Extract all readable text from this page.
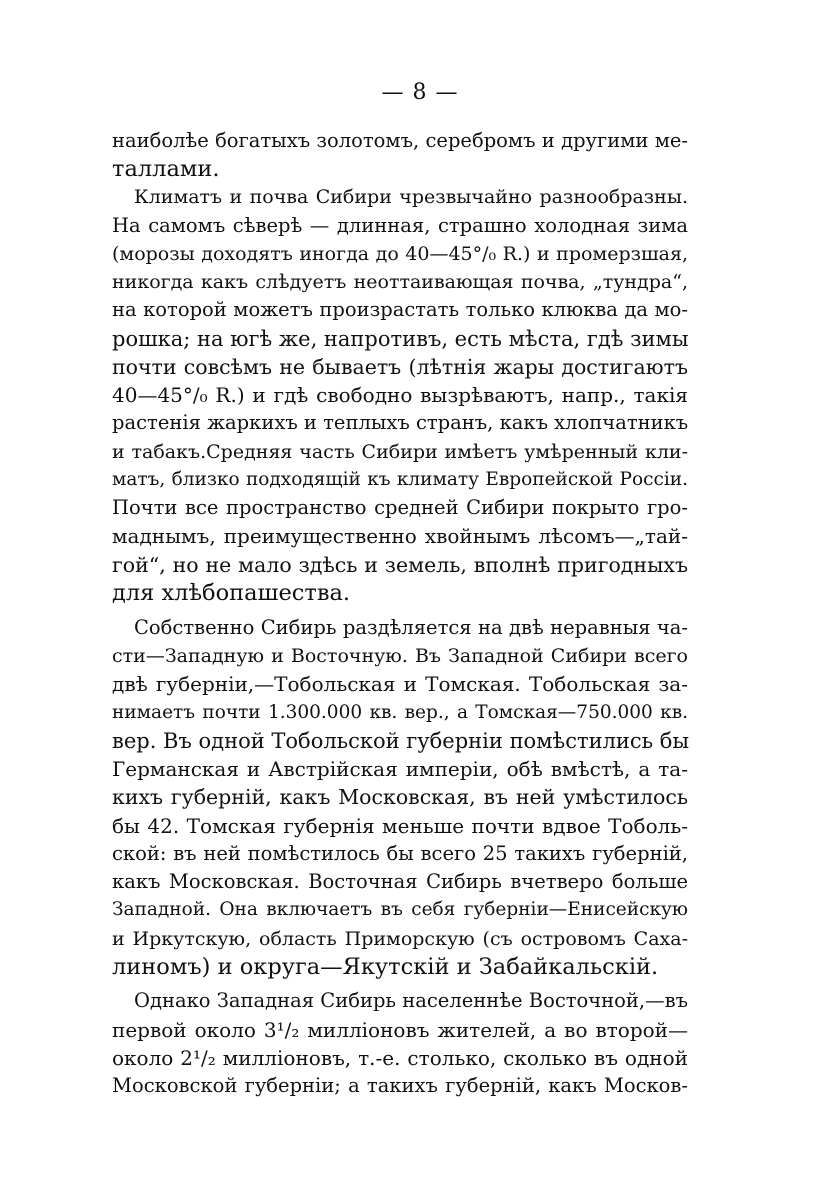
— 8 —
наиболѣе богатыхъ золотомъ, серебромъ и другими ме-
таллами.
Климатъ и почва Сибири чрезвычайно разнообразны.
На самомъ сѣверѣ — длинная, страшно холодная зима
(морозы доходятъ иногда до 40—45°/₀ R.) и промерзшая,
никогда какъ слѣдуетъ неоттаивающая почва, „тундра“,
на которой можетъ произрастать только клюква да мо-
рошка; на югѣ же, напротивъ, есть мѣста, гдѣ зимы
почти совсѣмъ не бываетъ (лѣтнія жары достигаютъ
40—45°/₀ R.) и гдѣ свободно вызрѣваютъ, напр., такія
растенія жаркихъ и теплыхъ странъ, какъ хлопчатникъ
и табакъ.Средняя часть Сибири имѣетъ умѣренный кли-
матъ, близко подходящій къ климату Европейской Россіи.
Почти все пространство средней Сибири покрыто гро-
маднымъ, преимущественно хвойнымъ лѣсомъ—„тай-
гой“, но не мало здѣсь и земель, вполнѣ пригодныхъ
для хлѣбопашества.
Собственно Сибирь раздѣляется на двѣ неравныя ча-
сти—Западную и Восточную. Въ Западной Сибири всего
двѣ губерніи,—Тобольская и Томская. Тобольская за-
нимаетъ почти 1.300.000 кв. вер., а Томская—750.000 кв.
вер. Въ одной Тобольской губерніи помѣстились бы
Германская и Австрійская имперіи, обѣ вмѣстѣ, а та-
кихъ губерній, какъ Московская, въ ней умѣстилось
бы 42. Томская губернія меньше почти вдвое Тоболь-
ской: въ ней помѣстилось бы всего 25 такихъ губерній,
какъ Московская. Восточная Сибирь вчетверо больше
Западной. Она включаетъ въ себя губерніи—Енисейскую
и Иркутскую, область Приморскую (съ островомъ Саха-
линомъ) и округа—Якутскій и Забайкальскій.
Однако Западная Сибирь населеннѣе Восточной,—въ
первой около 3¹/₂ милліоновъ жителей, а во второй—
около 2¹/₂ милліоновъ, т.-е. столько, сколько въ одной
Московской губерніи; а такихъ губерній, какъ Москов-
